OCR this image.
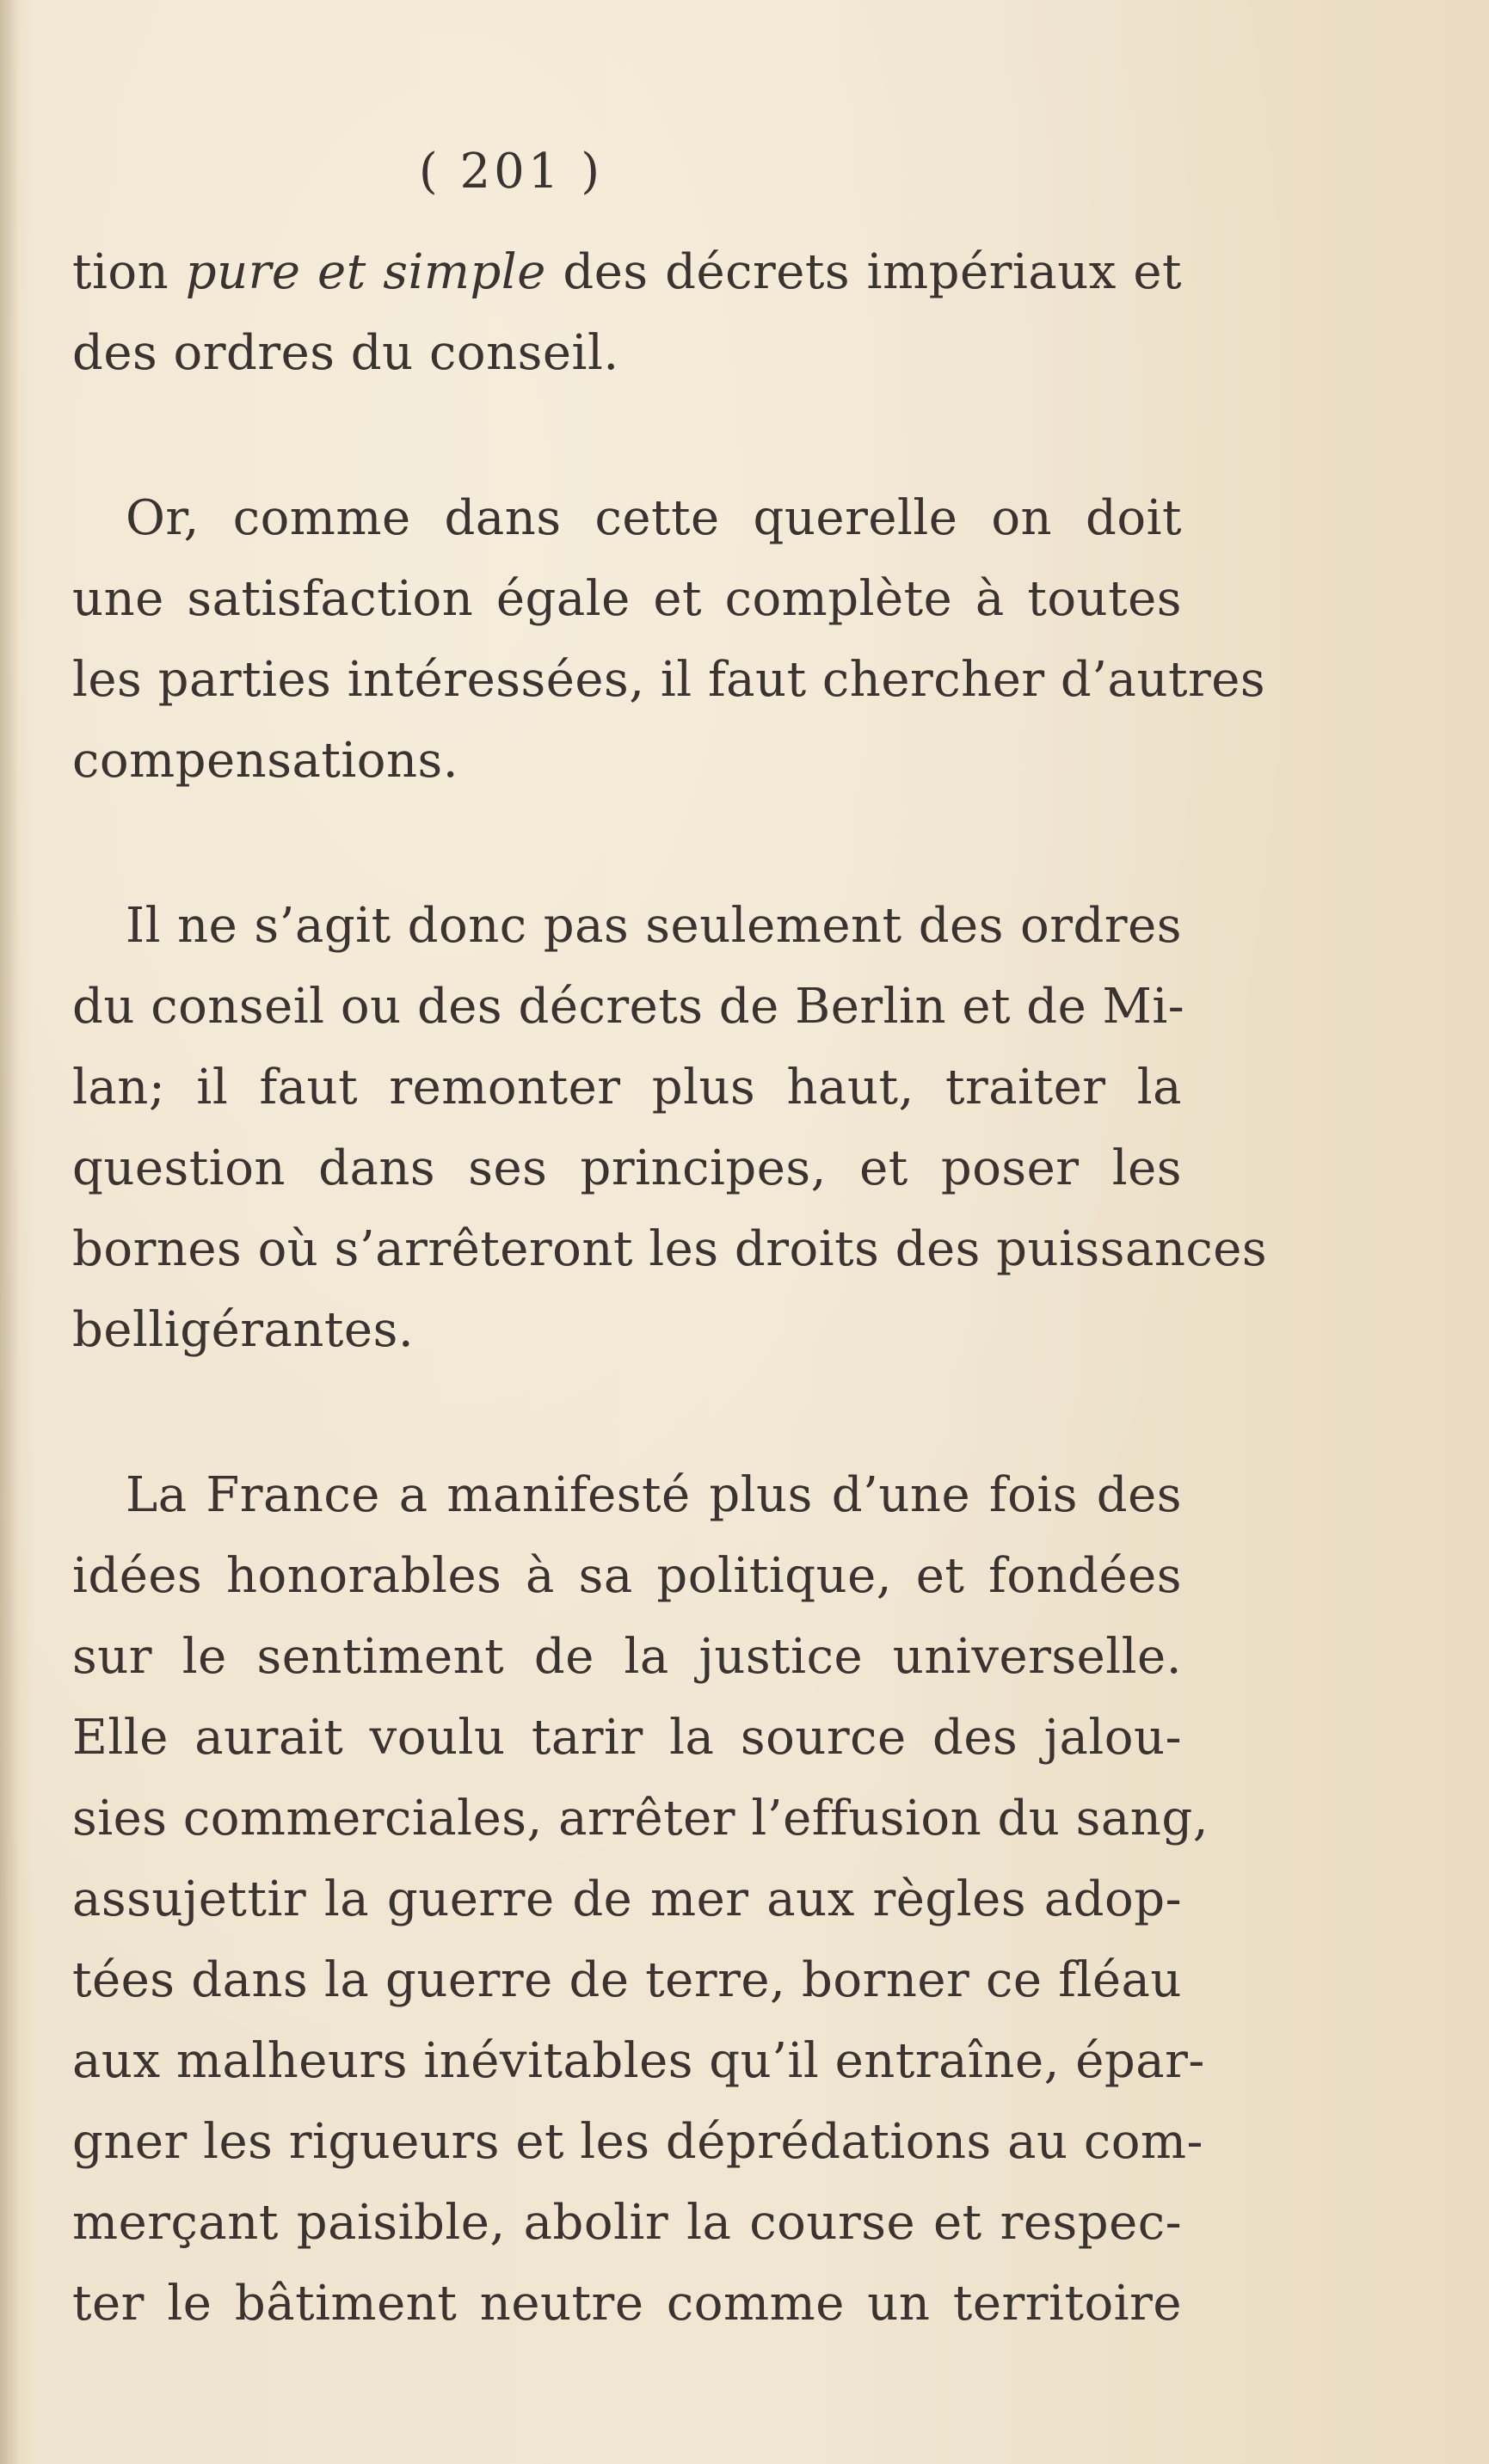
( 201 )
tion pure et simple des décrets impériaux et
des ordres du conseil.
Or, comme dans cette querelle on doit
une satisfaction égale et complète à toutes
les parties intéressées, il faut chercher d’autres
compensations.
Il ne s’agit donc pas seulement des ordres
du conseil ou des décrets de Berlin et de Mi-
lan; il faut remonter plus haut, traiter la
question dans ses principes, et poser les
bornes où s’arrêteront les droits des puissances
belligérantes.
La France a manifesté plus d’une fois des
idées honorables à sa politique, et fondées
sur le sentiment de la justice universelle.
Elle aurait voulu tarir la source des jalou-
sies commerciales, arrêter l’effusion du sang,
assujettir la guerre de mer aux règles adop-
tées dans la guerre de terre, borner ce fléau
aux malheurs inévitables qu’il entraîne, épar-
gner les rigueurs et les déprédations au com-
merçant paisible, abolir la course et respec-
ter le bâtiment neutre comme un territoire
